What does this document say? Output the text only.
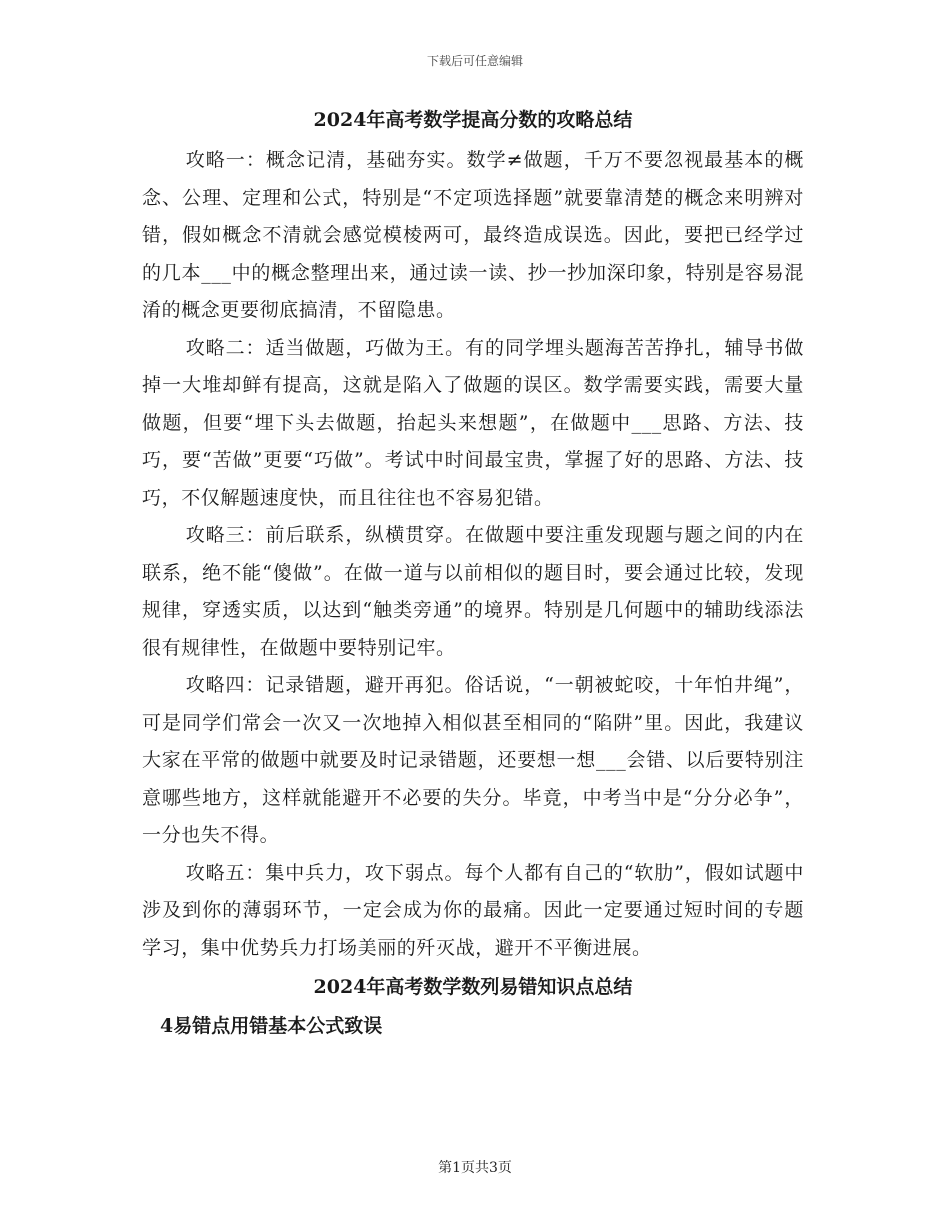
下载后可任意编辑
2024年高考数学提高分数的攻略总结

攻略一：概念记清，基础夯实。数学≠做题，千万不要忽视最基本的概念、公理、定理和公式，特别是“不定项选择题”就要靠清楚的概念来明辨对错，假如概念不清就会感觉模棱两可，最终造成误选。因此，要把已经学过的几本___中的概念整理出来，通过读一读、抄一抄加深印象，特别是容易混淆的概念更要彻底搞清，不留隐患。

攻略二：适当做题，巧做为王。有的同学埋头题海苦苦挣扎，辅导书做掉一大堆却鲜有提高，这就是陷入了做题的误区。数学需要实践，需要大量做题，但要“埋下头去做题，抬起头来想题”，在做题中___思路、方法、技巧，要“苦做”更要“巧做”。考试中时间最宝贵，掌握了好的思路、方法、技巧，不仅解题速度快，而且往往也不容易犯错。

攻略三：前后联系，纵横贯穿。在做题中要注重发现题与题之间的内在联系，绝不能“傻做”。在做一道与以前相似的题目时，要会通过比较，发现规律，穿透实质，以达到“触类旁通”的境界。特别是几何题中的辅助线添法很有规律性，在做题中要特别记牢。

攻略四：记录错题，避开再犯。俗话说，“一朝被蛇咬，十年怕井绳”，可是同学们常会一次又一次地掉入相似甚至相同的“陷阱”里。因此，我建议大家在平常的做题中就要及时记录错题，还要想一想___会错、以后要特别注意哪些地方，这样就能避开不必要的失分。毕竟，中考当中是“分分必争”，一分也失不得。

攻略五：集中兵力，攻下弱点。每个人都有自己的“软肋”，假如试题中涉及到你的薄弱环节，一定会成为你的最痛。因此一定要通过短时间的专题学习，集中优势兵力打场美丽的歼灭战，避开不平衡进展。

2024年高考数学数列易错知识点总结
4易错点用错基本公式致误
第1页共3页
